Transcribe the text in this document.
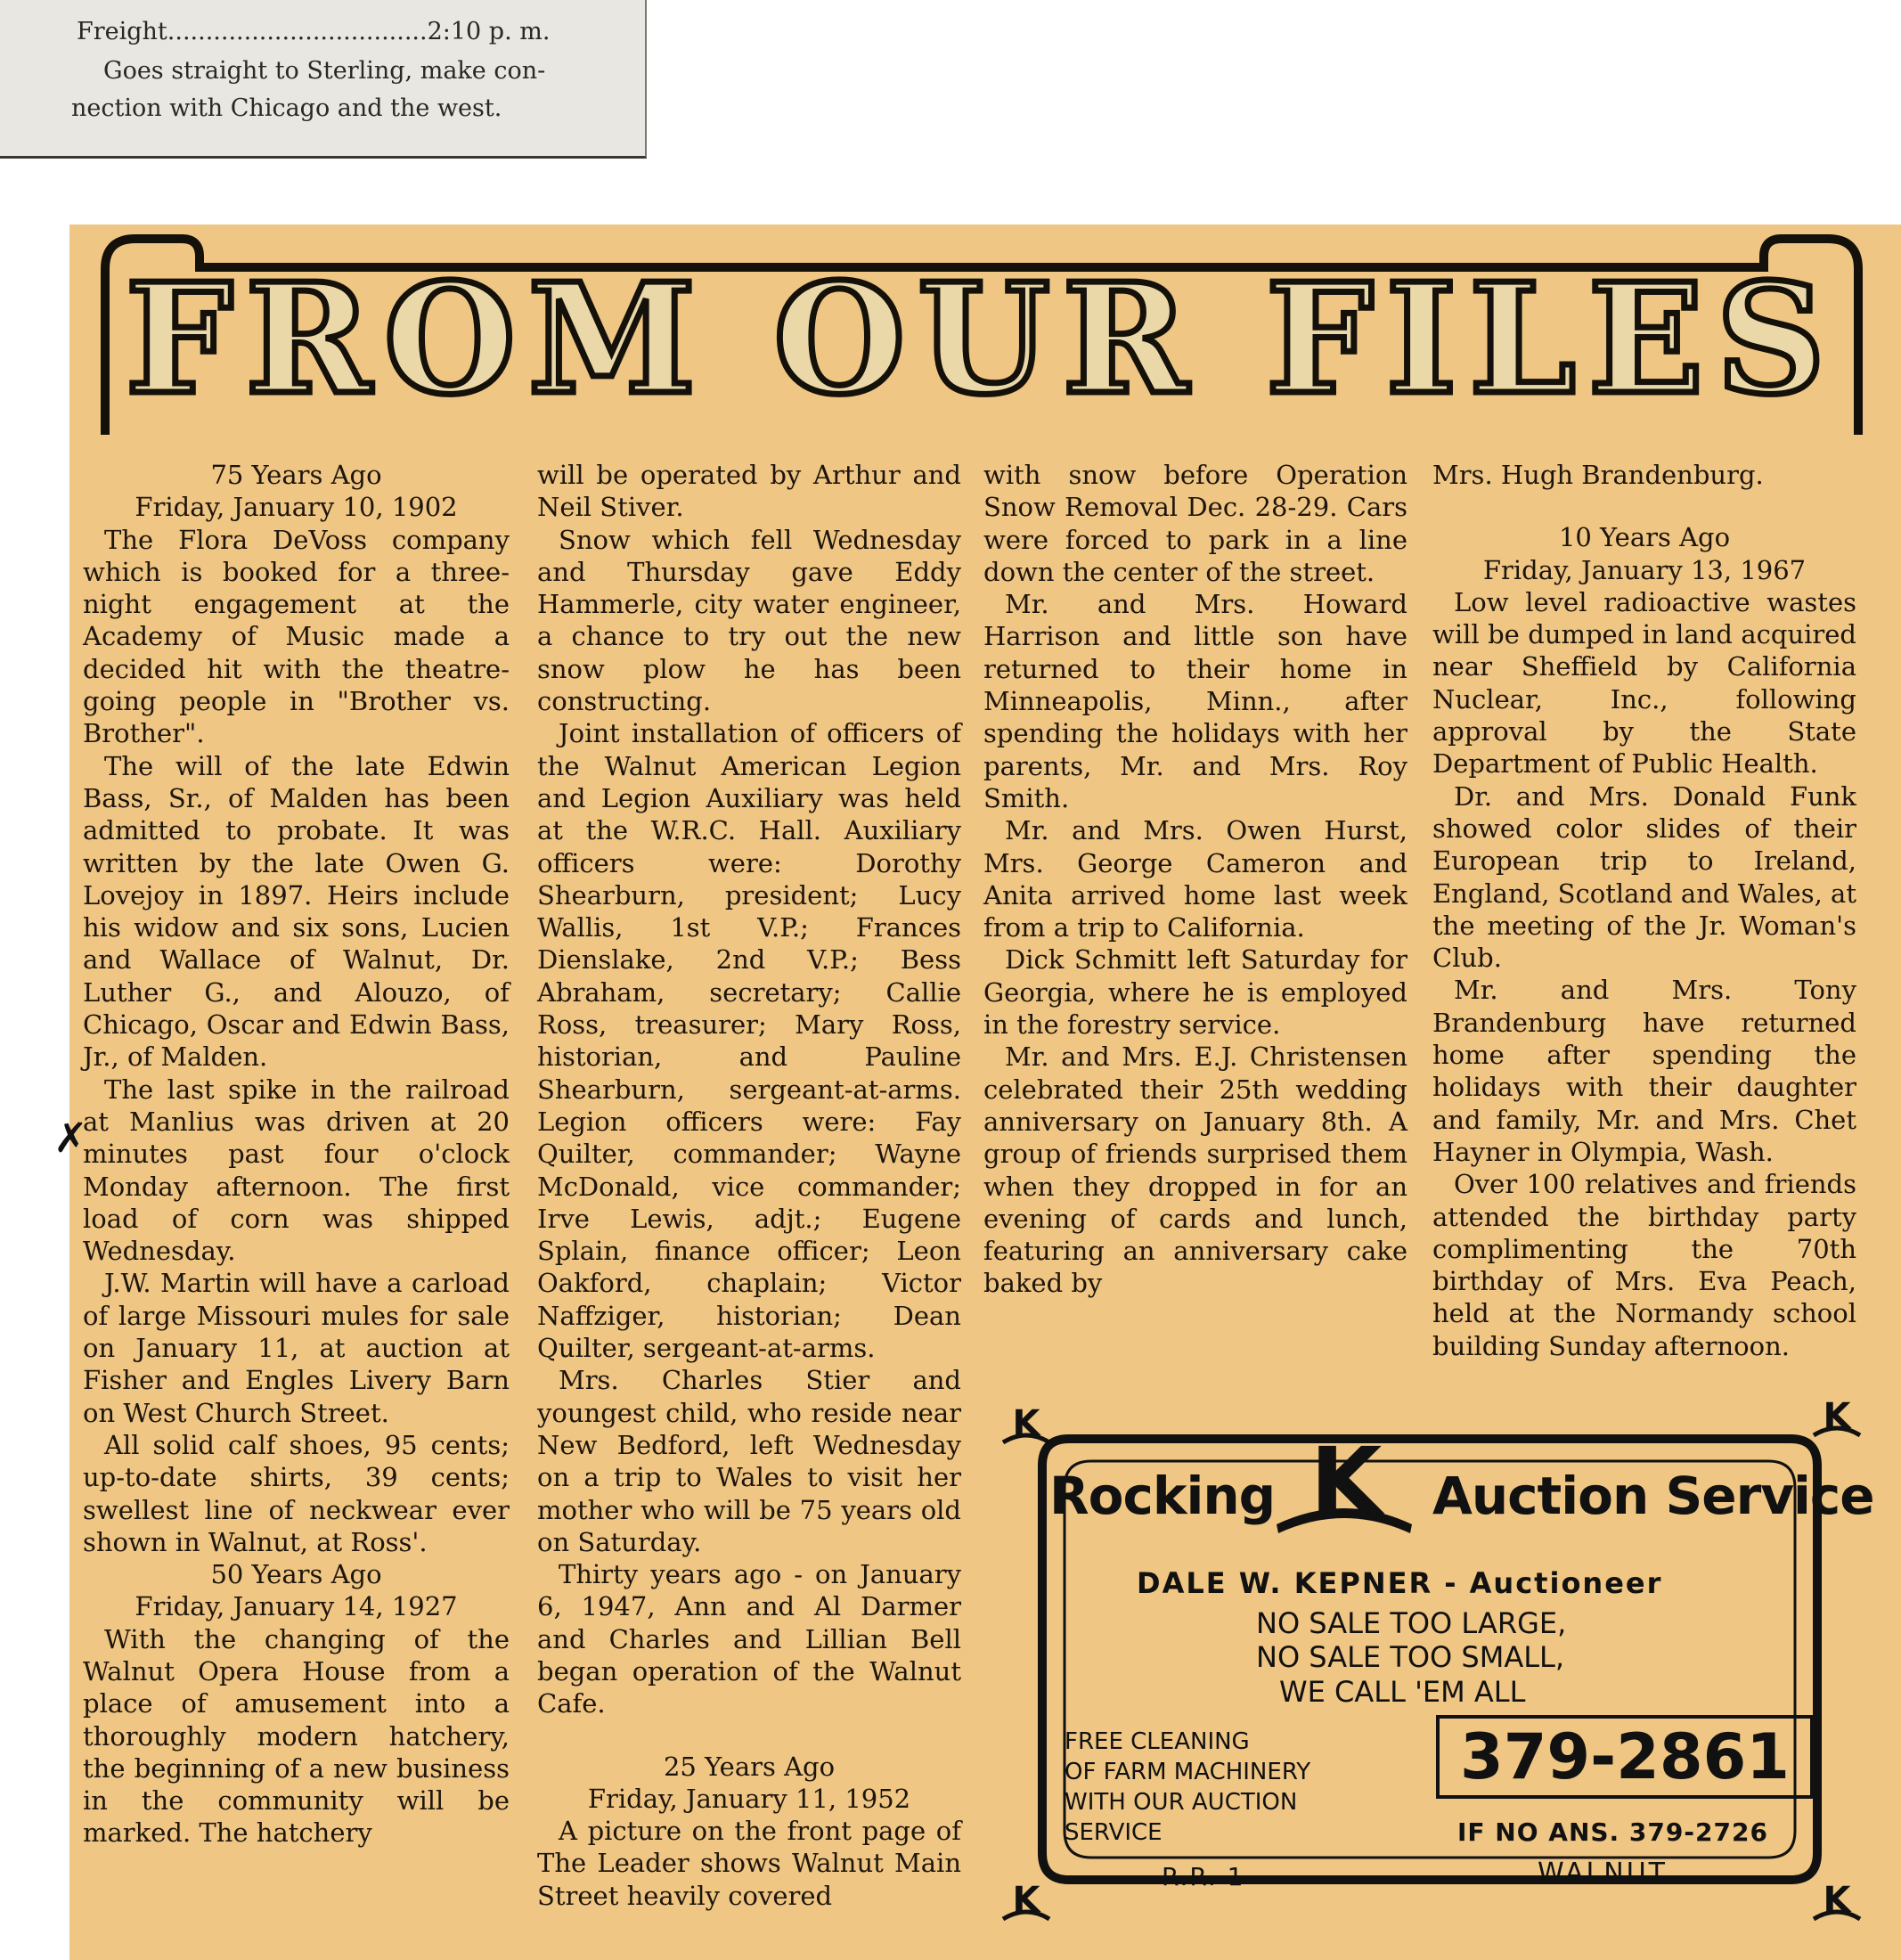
Freight..................................2:10 p. m.
Goes straight to Sterling, make con-
nection with Chicago and the west.
FROM OUR FILES
75 Years Ago
Friday, January 10, 1902

The Flora DeVoss company which is booked for a three-night engagement at the Academy of Music made a decided hit with the theatre-going people in "Brother vs. Brother".

The will of the late Edwin Bass, Sr., of Malden has been admitted to probate. It was written by the late Owen G. Lovejoy in 1897. Heirs include his widow and six sons, Lucien and Wallace of Walnut, Dr. Luther G., and Alouzo, of Chicago, Oscar and Edwin Bass, Jr., of Malden.

The last spike in the railroad at Manlius was driven at 20 minutes past four o'clock Monday afternoon. The first load of corn was shipped Wednesday.

J.W. Martin will have a carload of large Missouri mules for sale on January 11, at auction at Fisher and Engles Livery Barn on West Church Street.

All solid calf shoes, 95 cents; up-to-date shirts, 39 cents; swellest line of neckwear ever shown in Walnut, at Ross'.

50 Years Ago
Friday, January 14, 1927

With the changing of the Walnut Opera House from a place of amusement into a thoroughly modern hatchery, the beginning of a new business in the community will be marked. The hatchery

✗

will be operated by Arthur and Neil Stiver.

Snow which fell Wednesday and Thursday gave Eddy Hammerle, city water engineer, a chance to try out the new snow plow he has been constructing.

Joint installation of officers of the Walnut American Legion and Legion Auxiliary was held at the W.R.C. Hall. Auxiliary officers were: Dorothy Shearburn, president; Lucy Wallis, 1st V.P.; Frances Dienslake, 2nd V.P.; Bess Abraham, secretary; Callie Ross, treasurer; Mary Ross, historian, and Pauline Shearburn, sergeant-at-arms. Legion officers were: Fay Quilter, commander; Wayne McDonald, vice commander; Irve Lewis, adjt.; Eugene Splain, finance officer; Leon Oakford, chaplain; Victor Naffziger, historian; Dean Quilter, sergeant-at-arms.

Mrs. Charles Stier and youngest child, who reside near New Bedford, left Wednesday on a trip to Wales to visit her mother who will be 75 years old on Saturday.

Thirty years ago - on January 6, 1947, Ann and Al Darmer and Charles and Lillian Bell began operation of the Walnut Cafe.

25 Years Ago
Friday, January 11, 1952

A picture on the front page of The Leader shows Walnut Main Street heavily covered

with snow before Operation Snow Removal Dec. 28-29. Cars were forced to park in a line down the center of the street.

Mr. and Mrs. Howard Harrison and little son have returned to their home in Minneapolis, Minn., after spending the holidays with her parents, Mr. and Mrs. Roy Smith.

Mr. and Mrs. Owen Hurst, Mrs. George Cameron and Anita arrived home last week from a trip to California.

Dick Schmitt left Saturday for Georgia, where he is employed in the forestry service.

Mr. and Mrs. E.J. Christensen celebrated their 25th wedding anniversary on January 8th. A group of friends surprised them when they dropped in for an evening of cards and lunch, featuring an anniversary cake baked by

Mrs. Hugh Brandenburg.

10 Years Ago
Friday, January 13, 1967

Low level radioactive wastes will be dumped in land acquired near Sheffield by California Nuclear, Inc., following approval by the State Department of Public Health.

Dr. and Mrs. Donald Funk showed color slides of their European trip to Ireland, England, Scotland and Wales, at the meeting of the Jr. Woman's Club.

Mr. and Mrs. Tony Brandenburg have returned home after spending the holidays with their daughter and family, Mr. and Mrs. Chet Hayner in Olympia, Wash.

Over 100 relatives and friends attended the birthday party complimenting the 70th birthday of Mrs. Eva Peach, held at the Normandy school building Sunday afternoon.

K	K
K	K
Rocking K Auction Service
DALE W. KEPNER - Auctioneer
NO SALE TOO LARGE,
NO SALE TOO SMALL,
WE CALL 'EM ALL
FREE CLEANING
OF FARM MACHINERY
WITH OUR AUCTION
SERVICE
379-2861
IF NO ANS. 379-2726
R.R. 1	WALNUT
